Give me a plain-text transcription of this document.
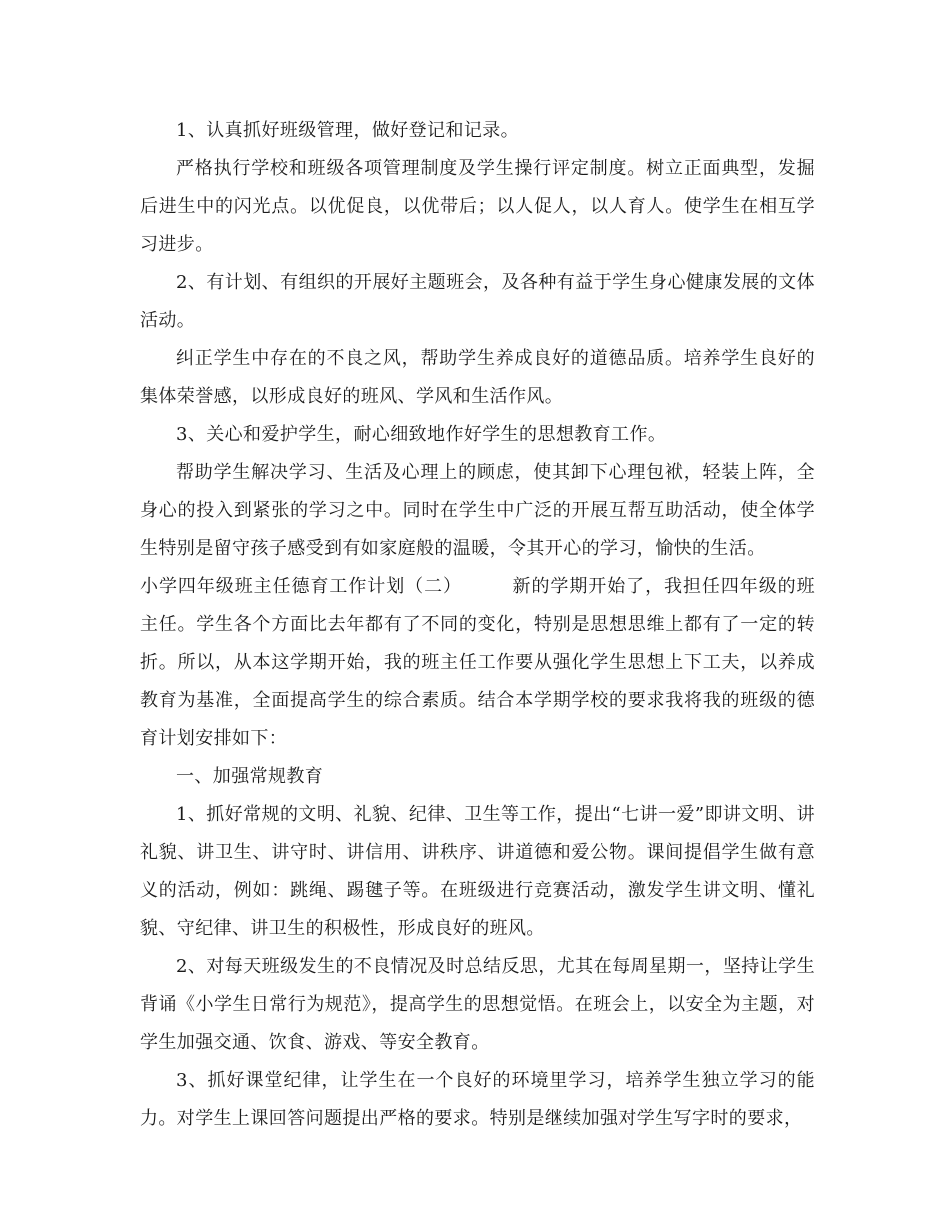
1、认真抓好班级管理，做好登记和记录。

严格执行学校和班级各项管理制度及学生操行评定制度。树立正面典型，发掘后进生中的闪光点。以优促良，以优带后；以人促人，以人育人。使学生在相互学习进步。

2、有计划、有组织的开展好主题班会，及各种有益于学生身心健康发展的文体活动。

纠正学生中存在的不良之风，帮助学生养成良好的道德品质。培养学生良好的集体荣誉感，以形成良好的班风、学风和生活作风。

3、关心和爱护学生，耐心细致地作好学生的思想教育工作。

帮助学生解决学习、生活及心理上的顾虑，使其卸下心理包袱，轻装上阵，全身心的投入到紧张的学习之中。同时在学生中广泛的开展互帮互助活动，使全体学生特别是留守孩子感受到有如家庭般的温暖，令其开心的学习，愉快的生活。

小学四年级班主任德育工作计划（二）	新的学期开始了，我担任四年级的班主任。学生各个方面比去年都有了不同的变化，特别是思想思维上都有了一定的转折。所以，从本这学期开始，我的班主任工作要从强化学生思想上下工夫，以养成教育为基准，全面提高学生的综合素质。结合本学期学校的要求我将我的班级的德育计划安排如下：

一、加强常规教育

1、抓好常规的文明、礼貌、纪律、卫生等工作，提出“七讲一爱”即讲文明、讲礼貌、讲卫生、讲守时、讲信用、讲秩序、讲道德和爱公物。课间提倡学生做有意义的活动，例如：跳绳、踢毽子等。在班级进行竞赛活动，激发学生讲文明、懂礼貌、守纪律、讲卫生的积极性，形成良好的班风。

2、对每天班级发生的不良情况及时总结反思，尤其在每周星期一，坚持让学生背诵《小学生日常行为规范》，提高学生的思想觉悟。在班会上，以安全为主题，对学生加强交通、饮食、游戏、等安全教育。

3、抓好课堂纪律，让学生在一个良好的环境里学习，培养学生独立学习的能力。对学生上课回答问题提出严格的要求。特别是继续加强对学生写字时的要求，
